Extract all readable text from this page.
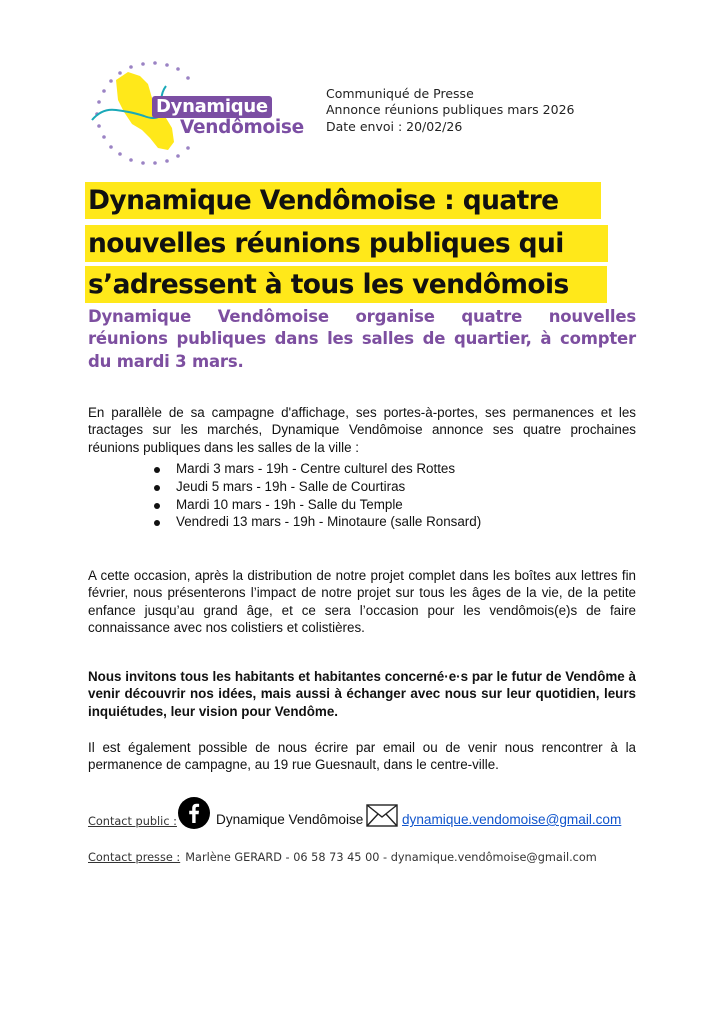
Dynamique
Vendômoise
Communiqué de Presse
Annonce réunions publiques mars 2026
Date envoi : 20/02/26
Dynamique Vendômoise : quatre
nouvelles réunions publiques qui
s’adressent à tous les vendômois
Dynamique Vendômoise organise quatre nouvelles réunions publiques dans les salles de quartier, à compter du mardi 3 mars.

En parallèle de sa campagne d'affichage, ses portes-à-portes, ses permanences et les tractages sur les marchés, Dynamique Vendômoise annonce ses quatre prochaines réunions publiques dans les salles de la ville :

Mardi 3 mars - 19h - Centre culturel des Rottes
Jeudi 5 mars - 19h - Salle de Courtiras
Mardi 10 mars - 19h - Salle du Temple
Vendredi 13 mars - 19h - Minotaure (salle Ronsard)

A cette occasion, après la distribution de notre projet complet dans les boîtes aux lettres fin février, nous présenterons l’impact de notre projet sur tous les âges de la vie, de la petite enfance jusqu’au grand âge, et ce sera l’occasion pour les vendômois(e)s de faire connaissance avec nos colistiers et colistières.

Nous invitons tous les habitants et habitantes concerné·e·s par le futur de Vendôme à venir découvrir nos idées, mais aussi à échanger avec nous sur leur quotidien, leurs inquiétudes, leur vision pour Vendôme.

Il est également possible de nous écrire par email ou de venir nous rencontrer à la permanence de campagne, au 19 rue Guesnault, dans le centre-ville.

Contact public :	Dynamique Vendômoise	dynamique.vendomoise@gmail.com
Contact presse : Marlène GERARD - 06 58 73 45 00 - dynamique.vendômoise@gmail.com
